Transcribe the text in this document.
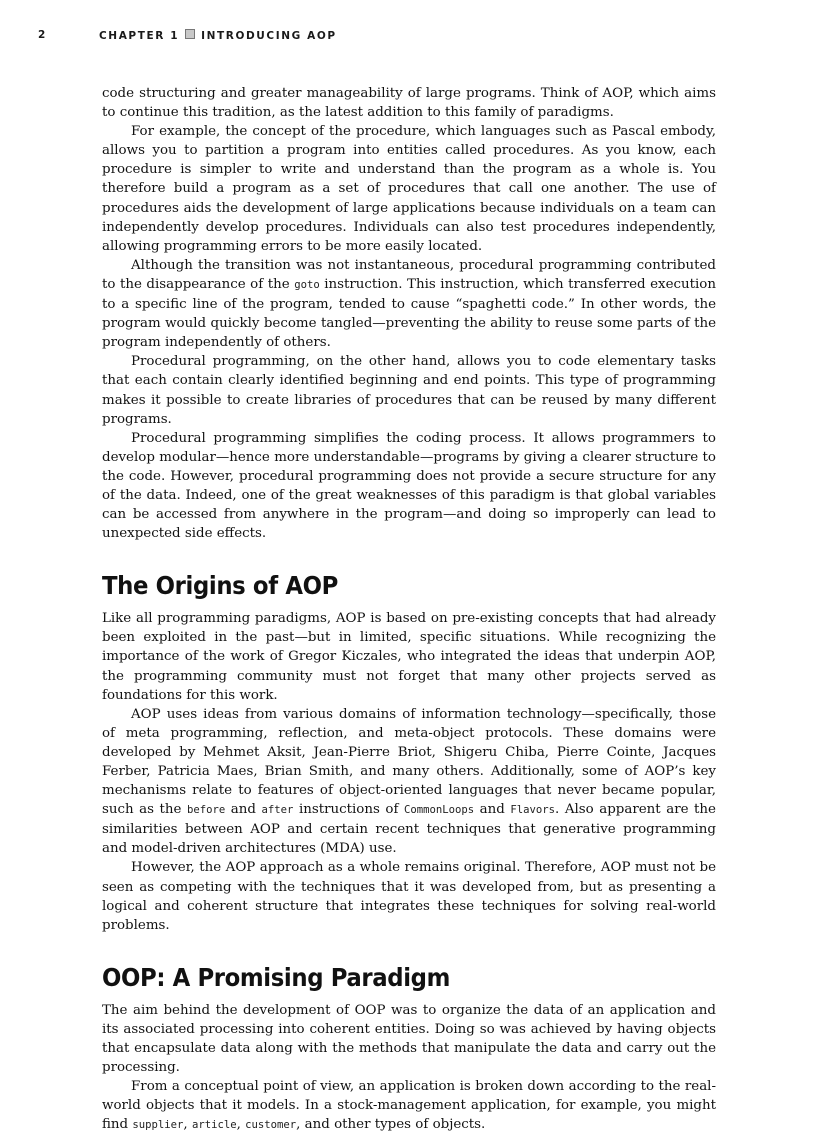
2	CHAPTER 1 INTRODUCING AOP

code structuring and greater manageability of large programs. Think of AOP, which aims to continue this tradition, as the latest addition to this family of paradigms.

For example, the concept of the procedure, which languages such as Pascal embody, allows you to partition a program into entities called procedures. As you know, each procedure is simpler to write and understand than the program as a whole is. You therefore build a program as a set of procedures that call one another. The use of procedures aids the development of large applications because individuals on a team can independently develop procedures. Individuals can also test procedures independently, allowing programming errors to be more easily located.

Although the transition was not instantaneous, procedural programming contributed to the disappearance of the goto instruction. This instruction, which transferred execution to a specific line of the program, tended to cause “spaghetti code.” In other words, the program would quickly become tangled—preventing the ability to reuse some parts of the program independently of others.

Procedural programming, on the other hand, allows you to code elementary tasks that each contain clearly identified beginning and end points. This type of programming makes it possible to create libraries of procedures that can be reused by many different programs.

Procedural programming simplifies the coding process. It allows programmers to develop modular—hence more understandable—programs by giving a clearer structure to the code. However, procedural programming does not provide a secure structure for any of the data. Indeed, one of the great weaknesses of this paradigm is that global variables can be accessed from anywhere in the program—and doing so improperly can lead to unexpected side effects.

The Origins of AOP

Like all programming paradigms, AOP is based on pre-existing concepts that had already been exploited in the past—but in limited, specific situations. While recognizing the importance of the work of Gregor Kiczales, who integrated the ideas that underpin AOP, the programming community must not forget that many other projects served as foundations for this work.

AOP uses ideas from various domains of information technology—specifically, those of meta programming, reflection, and meta-object protocols. These domains were developed by Mehmet Aksit, Jean-Pierre Briot, Shigeru Chiba, Pierre Cointe, Jacques Ferber, Patricia Maes, Brian Smith, and many others. Additionally, some of AOP’s key mechanisms relate to features of object-oriented languages that never became popular, such as the before and after instructions of CommonLoops and Flavors. Also apparent are the similarities between AOP and certain recent techniques that generative programming and model-driven architectures (MDA) use.

However, the AOP approach as a whole remains original. Therefore, AOP must not be seen as competing with the techniques that it was developed from, but as presenting a logical and coherent structure that integrates these techniques for solving real-world problems.

OOP: A Promising Paradigm

The aim behind the development of OOP was to organize the data of an application and its associated processing into coherent entities. Doing so was achieved by having objects that encapsulate data along with the methods that manipulate the data and carry out the processing.

From a conceptual point of view, an application is broken down according to the real-world objects that it models. In a stock-management application, for example, you might find supplier, article, customer, and other types of objects.
